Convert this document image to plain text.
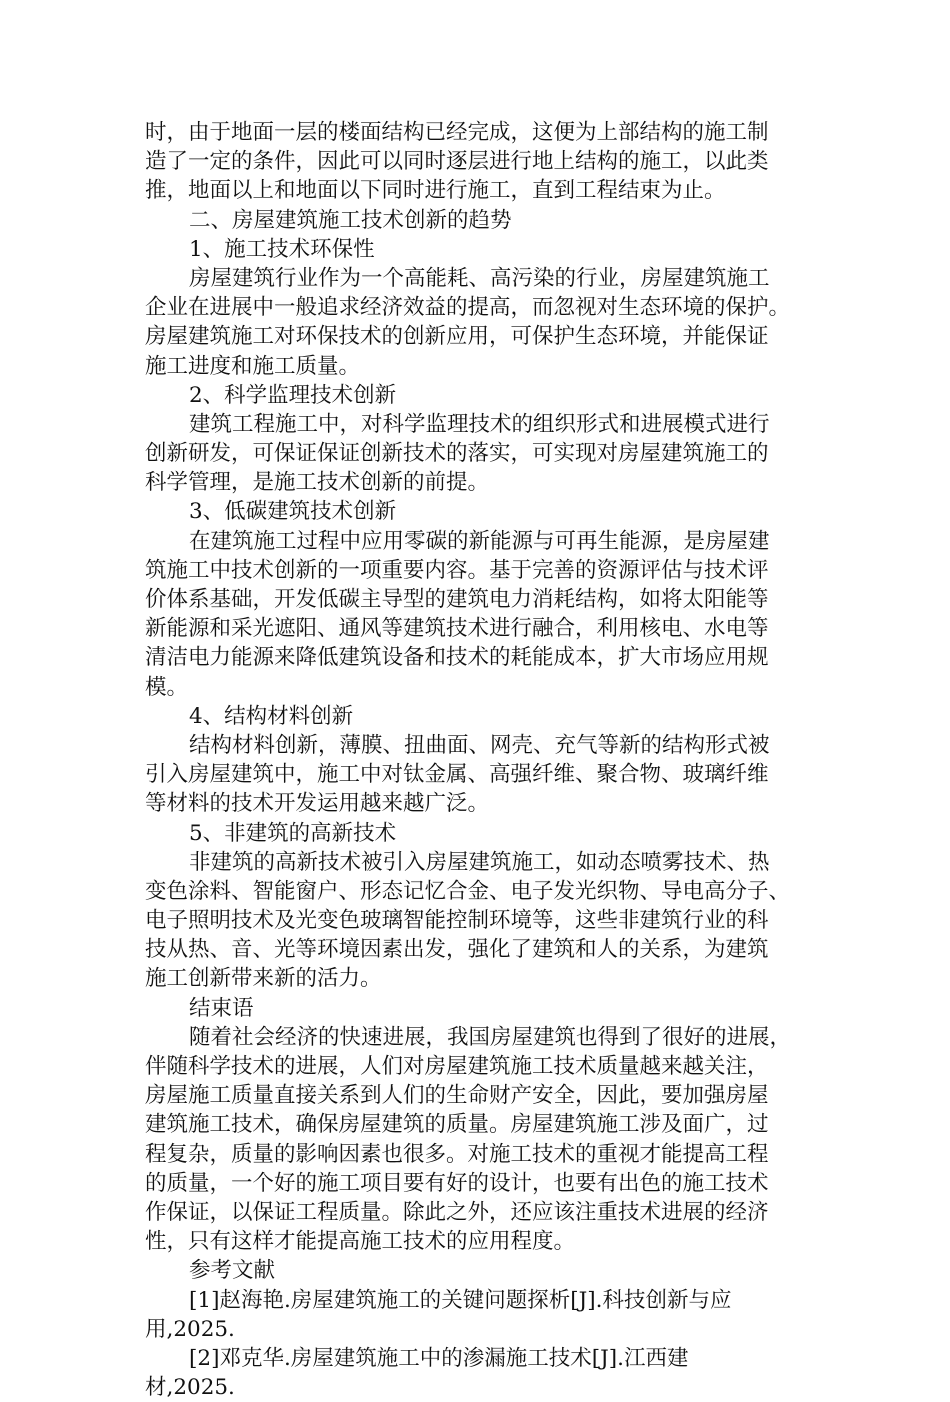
时，由于地面一层的楼面结构已经完成，这便为上部结构的施工制
造了一定的条件，因此可以同时逐层进行地上结构的施工，以此类
推，地面以上和地面以下同时进行施工，直到工程结束为止。
二、房屋建筑施工技术创新的趋势
1、施工技术环保性
房屋建筑行业作为一个高能耗、高污染的行业，房屋建筑施工
企业在进展中一般追求经济效益的提高，而忽视对生态环境的保护。
房屋建筑施工对环保技术的创新应用，可保护生态环境，并能保证
施工进度和施工质量。
2、科学监理技术创新
建筑工程施工中，对科学监理技术的组织形式和进展模式进行
创新研发，可保证保证创新技术的落实，可实现对房屋建筑施工的
科学管理，是施工技术创新的前提。
3、低碳建筑技术创新
在建筑施工过程中应用零碳的新能源与可再生能源，是房屋建
筑施工中技术创新的一项重要内容。基于完善的资源评估与技术评
价体系基础，开发低碳主导型的建筑电力消耗结构，如将太阳能等
新能源和采光遮阳、通风等建筑技术进行融合，利用核电、水电等
清洁电力能源来降低建筑设备和技术的耗能成本，扩大市场应用规
模。
4、结构材料创新
结构材料创新，薄膜、扭曲面、网壳、充气等新的结构形式被
引入房屋建筑中，施工中对钛金属、高强纤维、聚合物、玻璃纤维
等材料的技术开发运用越来越广泛。
5、非建筑的高新技术
非建筑的高新技术被引入房屋建筑施工，如动态喷雾技术、热
变色涂料、智能窗户、形态记忆合金、电子发光织物、导电高分子、
电子照明技术及光变色玻璃智能控制环境等，这些非建筑行业的科
技从热、音、光等环境因素出发，强化了建筑和人的关系，为建筑
施工创新带来新的活力。
结束语
随着社会经济的快速进展，我国房屋建筑也得到了很好的进展，
伴随科学技术的进展，人们对房屋建筑施工技术质量越来越关注，
房屋施工质量直接关系到人们的生命财产安全，因此，要加强房屋
建筑施工技术，确保房屋建筑的质量。房屋建筑施工涉及面广，过
程复杂，质量的影响因素也很多。对施工技术的重视才能提高工程
的质量，一个好的施工项目要有好的设计，也要有出色的施工技术
作保证，以保证工程质量。除此之外，还应该注重技术进展的经济
性，只有这样才能提高施工技术的应用程度。
参考文献
[1]赵海艳.房屋建筑施工的关键问题探析[J].科技创新与应
用,2025.
[2]邓克华.房屋建筑施工中的渗漏施工技术[J].江西建
材,2025.
